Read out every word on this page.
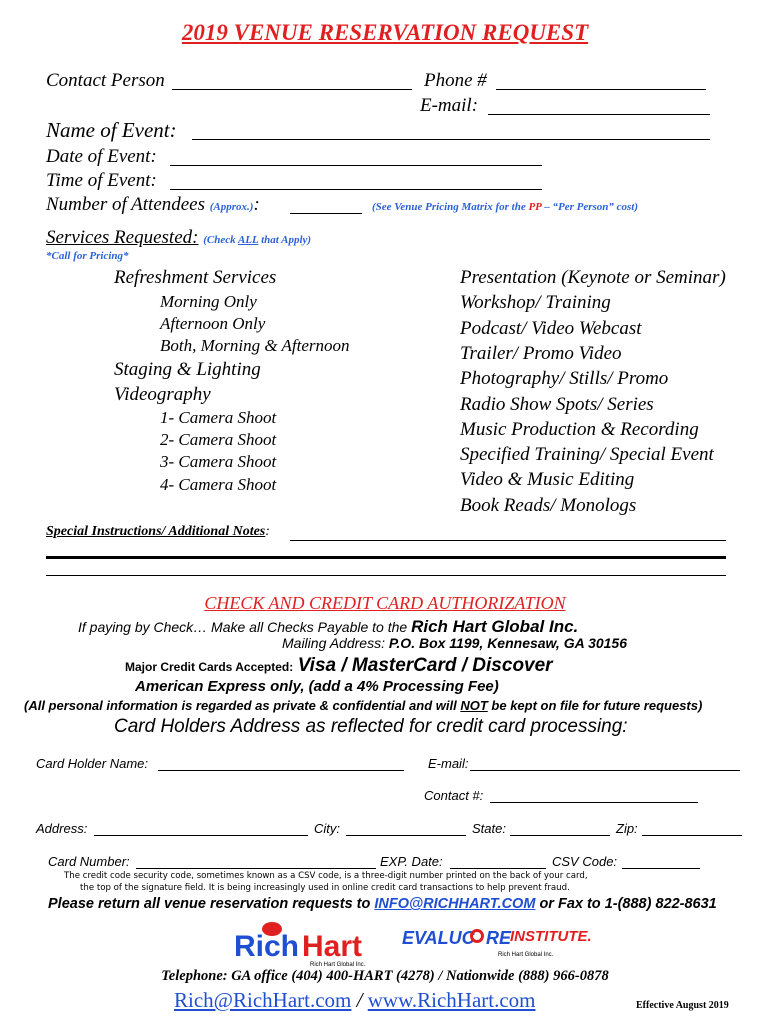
2019 VENUE RESERVATION REQUEST
Contact Person	Phone #
E-mail:
Name of Event:
Date of Event:
Time of Event:
Number of Attendees (Approx.):	(See Venue Pricing Matrix for the PP – “Per Person” cost)
Services Requested: (Check ALL that Apply)
*Call for Pricing*
Refreshment Services
Morning Only
Afternoon Only
Both, Morning & Afternoon
Staging & Lighting
Videography
1- Camera Shoot
2- Camera Shoot
3- Camera Shoot
4- Camera Shoot
Presentation (Keynote or Seminar)
Workshop/ Training
Podcast/ Video Webcast
Trailer/ Promo Video
Photography/ Stills/ Promo
Radio Show Spots/ Series
Music Production & Recording
Specified Training/ Special Event
Video & Music Editing
Book Reads/ Monologs
Special Instructions/ Additional Notes:
CHECK AND CREDIT CARD AUTHORIZATION
If paying by Check… Make all Checks Payable to the Rich Hart Global Inc.
Mailing Address: P.O. Box 1199, Kennesaw, GA 30156
Major Credit Cards Accepted: Visa / MasterCard / Discover
American Express only, (add a 4% Processing Fee)
(All personal information is regarded as private & confidential and will NOT be kept on file for future requests)
Card Holders Address as reflected for credit card processing:
Card Holder Name:	E-mail:
Contact #:
Address:	City:	State:	Zip:
Card Number:	EXP. Date:	CSV Code:
The credit code security code, sometimes known as a CSV code, is a three-digit number printed on the back of your card,
the top of the signature field. It is being increasingly used in online credit card transactions to help prevent fraud.
Please return all venue reservation requests to INFO@RICHHART.COM or Fax to 1-(888) 822-8631
Rich Hart
Rich Hart Global Inc.
EVALUC RE
INSTITUTE.
Rich Hart Global Inc.
Telephone: GA office (404) 400-HART (4278) / Nationwide (888) 966-0878
Rich@RichHart.com / www.RichHart.com	Effective August 2019
